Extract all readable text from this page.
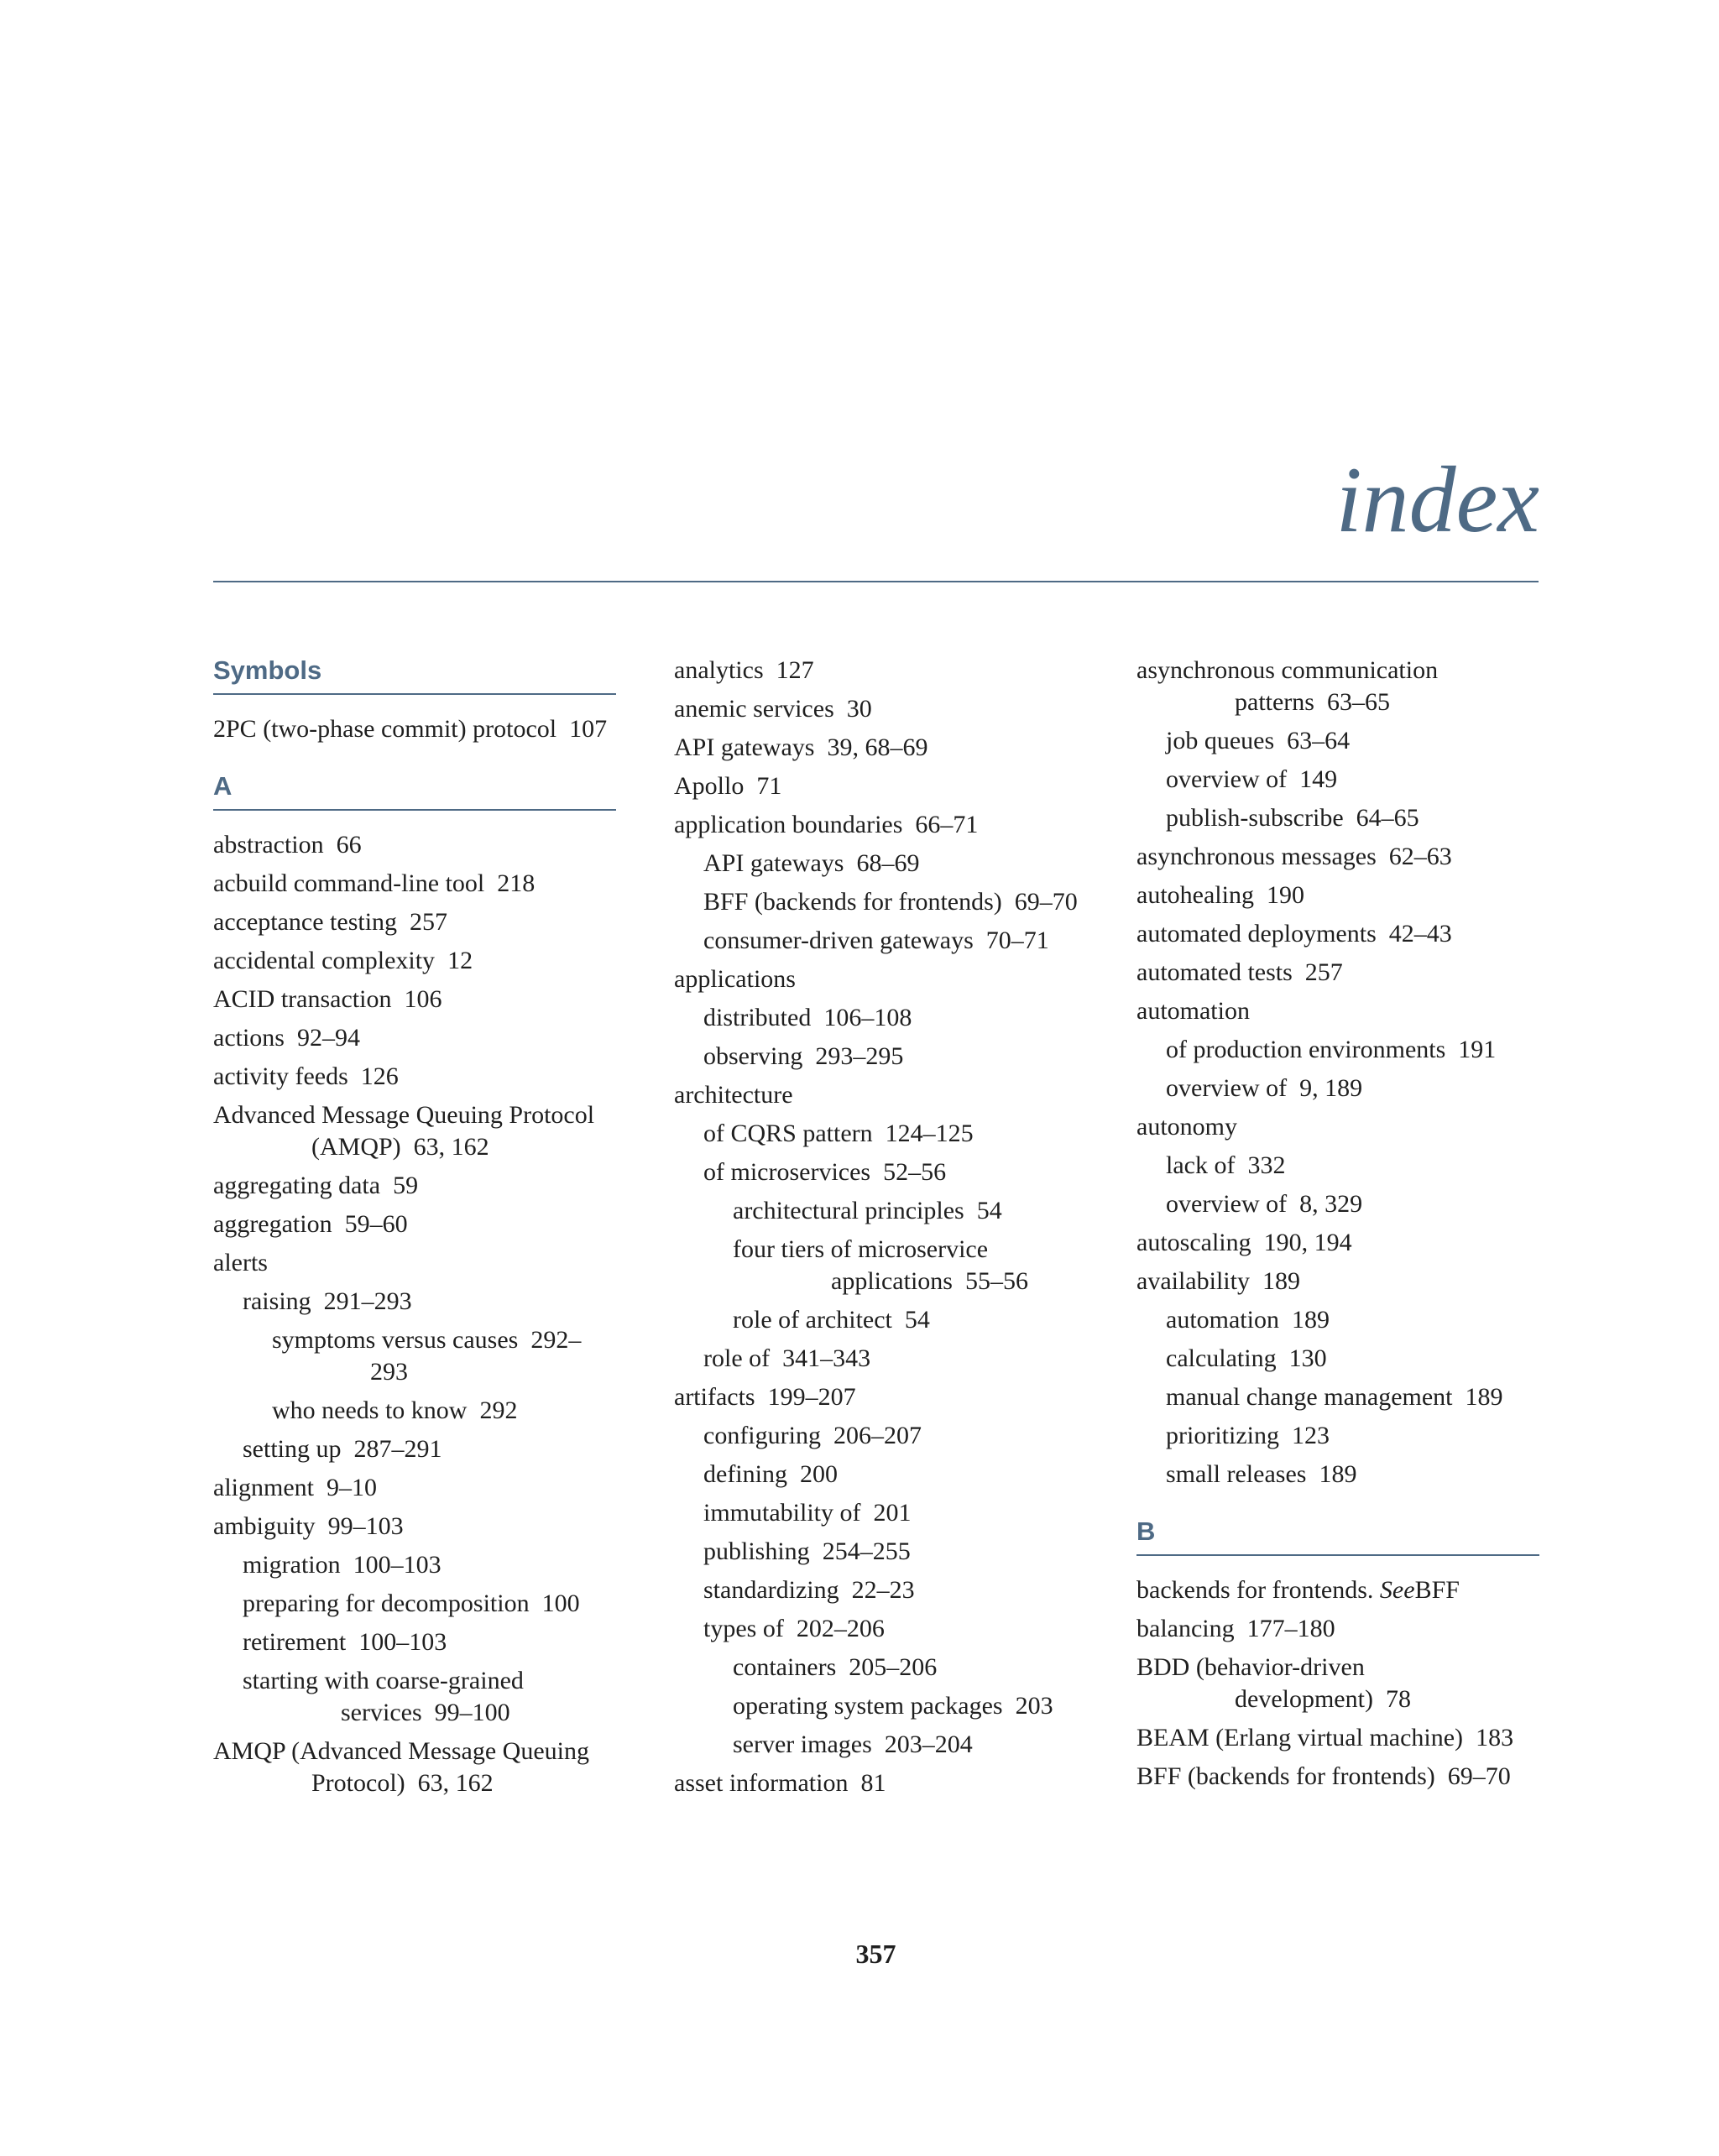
index
Symbols
2PC (two-phase commit) protocol 107
A
abstraction 66
acbuild command-line tool 218
acceptance testing 257
accidental complexity 12
ACID transaction 106
actions 92–94
activity feeds 126
Advanced Message Queuing Protocol (AMQP) 63, 162
aggregating data 59
aggregation 59–60
alerts
raising 291–293
symptoms versus causes 292–293
who needs to know 292
setting up 287–291
alignment 9–10
ambiguity 99–103
migration 100–103
preparing for decomposition 100
retirement 100–103
starting with coarse-grained services 99–100
AMQP (Advanced Message Queuing Protocol) 63, 162
analytics 127
anemic services 30
API gateways 39, 68–69
Apollo 71
application boundaries 66–71
API gateways 68–69
BFF (backends for frontends) 69–70
consumer-driven gateways 70–71
applications
distributed 106–108
observing 293–295
architecture
of CQRS pattern 124–125
of microservices 52–56
architectural principles 54
four tiers of microservice applications 55–56
role of architect 54
role of 341–343
artifacts 199–207
configuring 206–207
defining 200
immutability of 201
publishing 254–255
standardizing 22–23
types of 202–206
containers 205–206
operating system packages 203
server images 203–204
asset information 81
asynchronous communication patterns 63–65
job queues 63–64
overview of 149
publish-subscribe 64–65
asynchronous messages 62–63
autohealing 190
automated deployments 42–43
automated tests 257
automation
of production environments 191
overview of 9, 189
autonomy
lack of 332
overview of 8, 329
autoscaling 190, 194
availability 189
automation 189
calculating 130
manual change management 189
prioritizing 123
small releases 189
B
backends for frontends. SeeBFF
balancing 177–180
BDD (behavior-driven development) 78
BEAM (Erlang virtual machine) 183
BFF (backends for frontends) 69–70
357
